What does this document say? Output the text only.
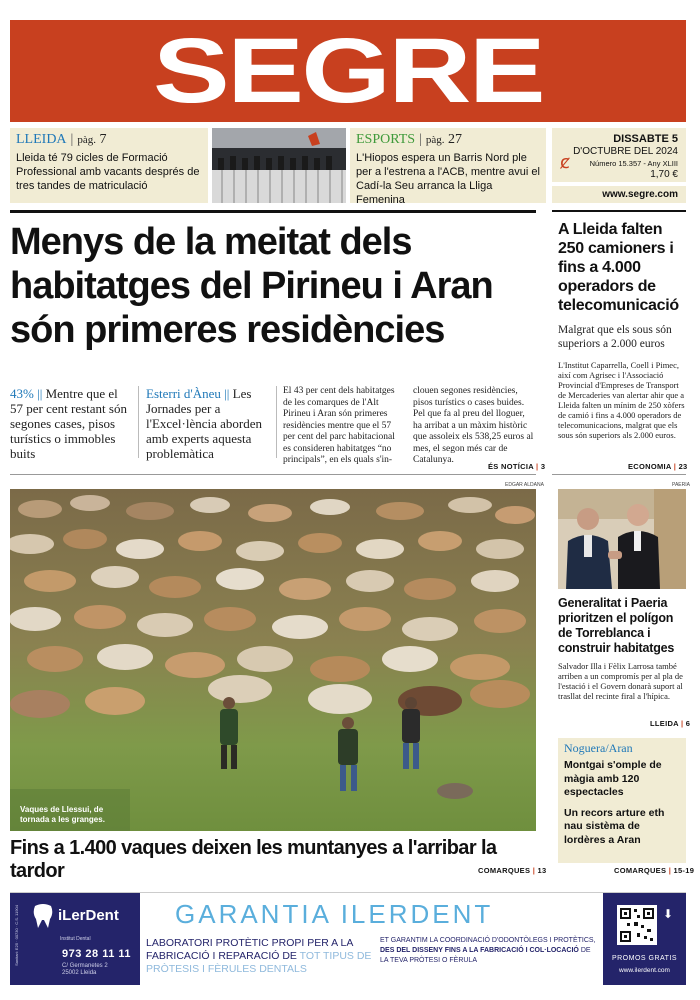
SEGRE
LLEIDA | pàg. 7
Lleida té 79 cicles de Formació Professional amb vacants després de tres tandes de matriculació
ESPORTS | pàg. 27
L'Hiopos espera un Barris Nord ple per a l'estrena a l'ACB, mentre avui el Cadí-la Seu arranca la Lliga Femenina
ȼ
DISSABTE 5
D'OCTUBRE DEL 2024
Número 15.357 - Any XLIII
1,70 €
www.segre.com
Menys de la meitat dels habitatges del Pirineu i Aran són primeres residències
43% || Mentre que el 57 per cent restant són segones cases, pisos turístics o immobles buits
Esterri d'Àneu || Les Jornades per a l'Excel·lència aborden amb experts aquesta problemàtica
El 43 per cent dels habitatges de les comarques de l'Alt Pirineu i Aran són primeres residències mentre que el 57 per cent del parc habitacional es consideren habitatges “no principals”, en els quals s'in-
clouen segones residències, pisos turístics o cases buides. Pel que fa al preu del lloguer, ha arribat a un màxim històric que assoleix els 538,25 euros al mes, el segon més car de Catalunya.
ÉS NOTÍCIA | 3
EDGAR ALDANA
Vaques de Llessui, de
tornada a les granges.
Fins a 1.400 vaques deixen les muntanyes a l'arribar la tardor	COMARQUES | 13
A Lleida falten 250 camioners i fins a 4.000 operadors de telecomunicació
Malgrat que els sous són superiors a 2.000 euros
L'Institut Caparrella, Coell i Pimec, així com Agrisec i l'Associació Provincial d'Empreses de Transport de Mercaderies van alertar ahir que a Lleida falten un mínim de 250 xòfers de camió i fins a 4.000 operadors de telecomunicacions, malgrat que els sous són superiors als 2.000 euros.
ECONOMIA | 23
PAERIA
Generalitat i Paeria prioritzen el polígon de Torreblanca i construir habitatges
Salvador Illa i Fèlix Larrosa també arriben a un compromís per al pla de l'estació i el Govern donarà suport al trasllat del recinte firal a l'hípica.
LLEIDA | 6
Noguera/Aran
Montgai s'omple de màgia amb 120 espectacles
Un recors arture eth nau sistèma de lordères a Aran
COMARQUES | 15-19
Sanitari: E25 · 00730 · C.S. 11904	iLerDent
Institut Dental
973 28 11 11
C/ Germanetes 2
25002 Lleida
GARANTIA ILERDENT
LABORATORI PROTÈTIC PROPI PER A LA FABRICACIÓ I REPARACIÓ DE TOT TIPUS DE PRÒTESIS I FÈRULES DENTALS
ET GARANTIM LA COORDINACIÓ D'ODONTÒLEGS I PROTÈTICS, DES DEL DISSENY FINS A LA FABRICACIÓ I COL·LOCACIÓ DE LA TEVA PRÒTESI O FÈRULA
⬇
PROMOS GRATIS
www.ilerdent.com
